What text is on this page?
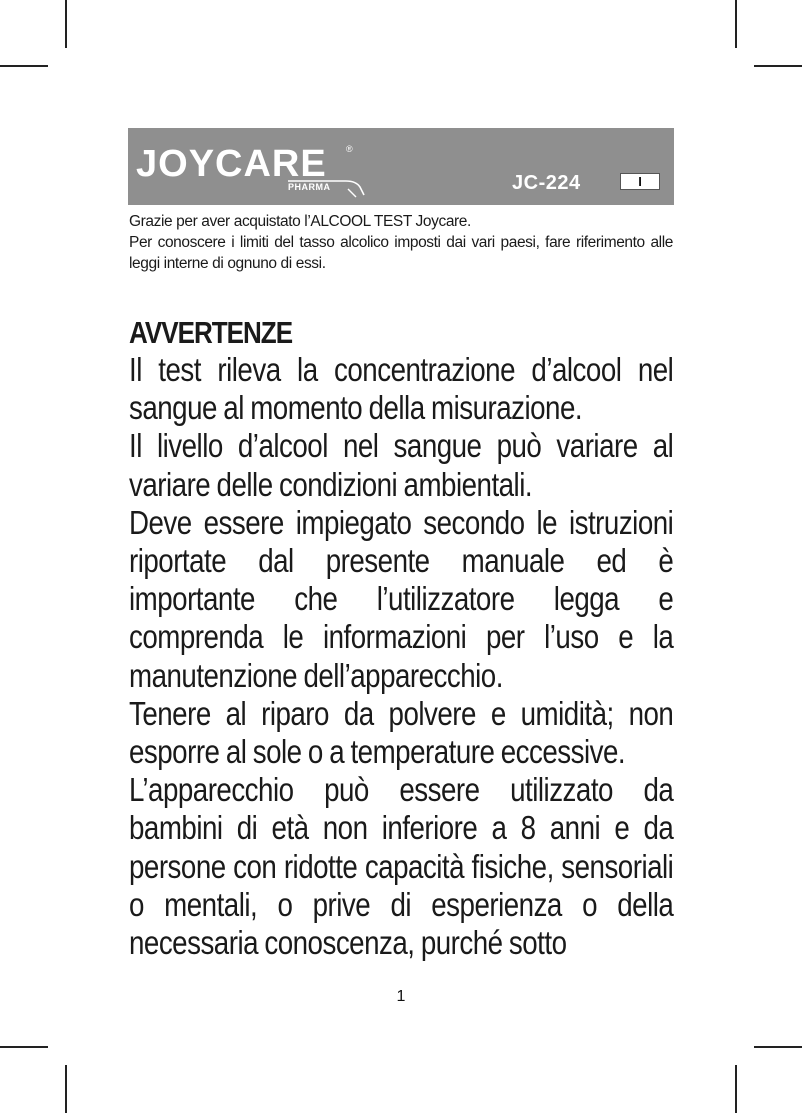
JOYCARE ®
PHARMA	JC-224	I

Grazie per aver acquistato l’ALCOOL TEST Joycare.

Per conoscere i limiti del tasso alcolico imposti dai vari paesi, fare riferimento alle leggi interne di ognuno di essi.

AVVERTENZE

Il test rileva la concentrazione d’alcool nel sangue al momento della misurazione.

Il livello d’alcool nel sangue può variare al variare delle condizioni ambientali.

Deve essere impiegato secondo le istruzioni riportate dal presente manuale ed è importante che l’utilizzatore legga e comprenda le informazioni per l’uso e la manutenzione dell’apparecchio.

Tenere al riparo da polvere e umidità; non esporre al sole o a temperature eccessive.

L’apparecchio può essere utilizzato da bambini di età non inferiore a 8 anni e da persone con ridotte capacità fisiche, sensoriali o mentali, o prive di esperienza o della necessaria conoscenza, purché sotto

1
